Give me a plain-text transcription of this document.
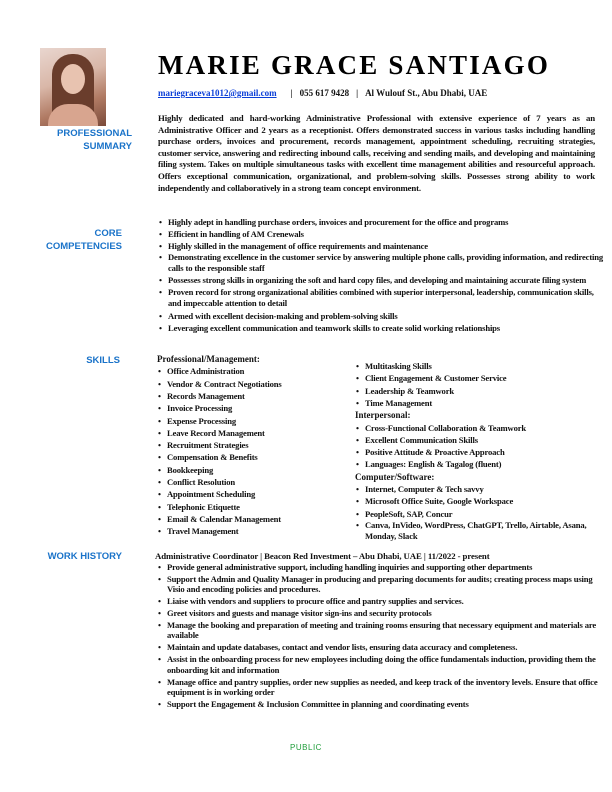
MARIE GRACE SANTIAGO
mariegraceva1012@gmail.com | 055 617 9428 | Al Wulouf St., Abu Dhabi, UAE
PROFESSIONAL SUMMARY
Highly dedicated and hard-working Administrative Professional with extensive experience of 7 years as an Administrative Officer and 2 years as a receptionist. Offers demonstrated success in various tasks including handling purchase orders, invoices and procurement, records management, appointment scheduling, recruiting strategies, customer service, answering and redirecting inbound calls, receiving and sending mails, and developing and maintaining filing system. Takes on multiple simultaneous tasks with excellent time management abilities and resourceful approach. Offers exceptional communication, organizational, and problem-solving skills. Possesses strong ability to work independently and collaboratively in a strong team concept environment.
CORE COMPETENCIES
• Highly adept in handling purchase orders, invoices and procurement for the office and programs
• Efficient in handling of AM Crenewals
• Highly skilled in the management of office requirements and maintenance
• Demonstrating excellence in the customer service by answering multiple phone calls, providing information, and redirecting calls to the responsible staff
• Possesses strong skills in organizing the soft and hard copy files, and developing and maintaining accurate filing system
• Proven record for strong organizational abilities combined with superior interpersonal, leadership, communication skills, and impeccable attention to detail
• Armed with excellent decision-making and problem-solving skills
• Leveraging excellent communication and teamwork skills to create solid working relationships
SKILLS	Professional/Management:
• Office Administration
• Vendor & Contract Negotiations
• Records Management
• Invoice Processing
• Expense Processing
• Leave Record Management
• Recruitment Strategies
• Compensation & Benefits
• Bookkeeping
• Conflict Resolution
• Appointment Scheduling
• Telephonic Etiquette
• Email & Calendar Management
• Travel Management
• Multitasking Skills
• Client Engagement & Customer Service
• Leadership & Teamwork
• Time Management
Interpersonal:
• Cross-Functional Collaboration & Teamwork
• Excellent Communication Skills
• Positive Attitude & Proactive Approach
• Languages: English & Tagalog (fluent)
Computer/Software:
• Internet, Computer & Tech savvy
• Microsoft Office Suite, Google Workspace
• PeopleSoft, SAP, Concur
• Canva, InVideo, WordPress, ChatGPT, Trello, Airtable, Asana, Monday, Slack
WORK HISTORY	Administrative Coordinator | Beacon Red Investment – Abu Dhabi, UAE | 11/2022 - present
• Provide general administrative support, including handling inquiries and supporting other departments
• Support the Admin and Quality Manager in producing and preparing documents for audits; creating process maps using Visio and encoding policies and procedures.
• Liaise with vendors and suppliers to procure office and pantry supplies and services.
• Greet visitors and guests and manage visitor sign-ins and security protocols
• Manage the booking and preparation of meeting and training rooms ensuring that necessary equipment and materials are available
• Maintain and update databases, contact and vendor lists, ensuring data accuracy and completeness.
• Assist in the onboarding process for new employees including doing the office fundamentals induction, providing them the onboarding kit and information
• Manage office and pantry supplies, order new supplies as needed, and keep track of the inventory levels. Ensure that office equipment is in working order
• Support the Engagement & Inclusion Committee in planning and coordinating events
PUBLIC
